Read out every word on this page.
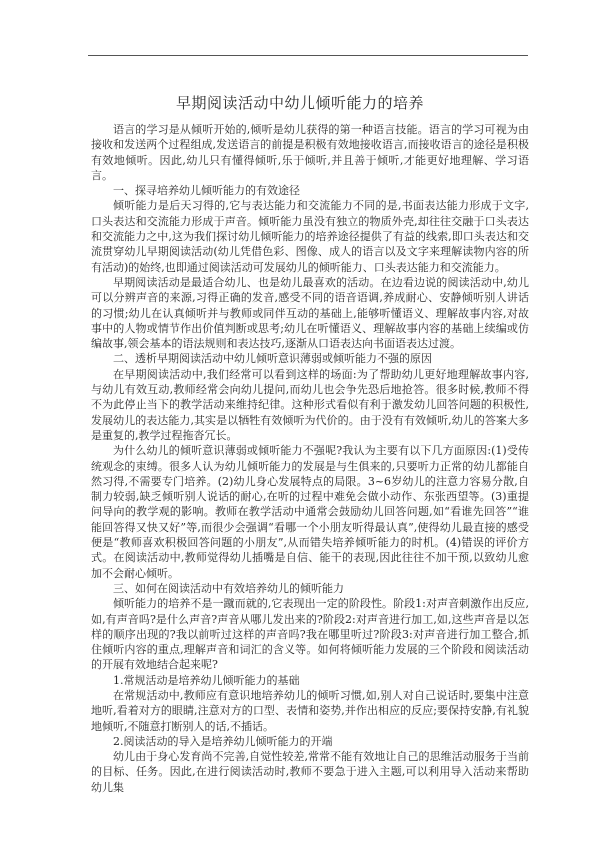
早期阅读活动中幼儿倾听能力的培养

语言的学习是从倾听开始的,倾听是幼儿获得的第一种语言技能。语言的学习可视为由接收和发送两个过程组成,发送语言的前提是积极有效地接收语言,而接收语言的途径是积极有效地倾听。因此,幼儿只有懂得倾听,乐于倾听,并且善于倾听,才能更好地理解、学习语言。

一、探寻培养幼儿倾听能力的有效途径

倾听能力是后天习得的,它与表达能力和交流能力不同的是,书面表达能力形成于文字,口头表达和交流能力形成于声音。倾听能力虽没有独立的物质外壳,却往往交融于口头表达和交流能力之中,这为我们探讨幼儿倾听能力的培养途径提供了有益的线索,即口头表达和交流贯穿幼儿早期阅读活动(幼儿凭借色彩、图像、成人的语言以及文字来理解读物内容的所有活动)的始终,也即通过阅读活动可发展幼儿的倾听能力、口头表达能力和交流能力。

早期阅读活动是最适合幼儿、也是幼儿最喜欢的活动。在边看边说的阅读活动中,幼儿可以分辨声音的来源,习得正确的发音,感受不同的语音语调,养成耐心、安静倾听别人讲话的习惯;幼儿在认真倾听并与教师或同伴互动的基础上,能够听懂语义、理解故事内容,对故事中的人物或情节作出价值判断或思考;幼儿在听懂语义、理解故事内容的基础上续编或仿编故事,领会基本的语法规则和表达技巧,逐渐从口语表达向书面语表达过渡。

二、透析早期阅读活动中幼儿倾听意识薄弱或倾听能力不强的原因

在早期阅读活动中,我们经常可以看到这样的场面:为了帮助幼儿更好地理解故事内容,与幼儿有效互动,教师经常会向幼儿提问,而幼儿也会争先恐后地抢答。很多时候,教师不得不为此停止当下的教学活动来维持纪律。这种形式看似有利于激发幼儿回答问题的积极性,发展幼儿的表达能力,其实是以牺牲有效倾听为代价的。由于没有有效倾听,幼儿的答案大多是重复的,教学过程拖沓冗长。

为什么幼儿的倾听意识薄弱或倾听能力不强呢?我认为主要有以下几方面原因:(1)受传统观念的束缚。很多人认为幼儿倾听能力的发展是与生俱来的,只要听力正常的幼儿都能自然习得,不需要专门培养。(2)幼儿身心发展特点的局限。3~6岁幼儿的注意力容易分散,自制力较弱,缺乏倾听别人说话的耐心,在听的过程中难免会做小动作、东张西望等。(3)重提问导向的教学观的影响。教师在教学活动中通常会鼓励幼儿回答问题,如“看谁先回答”“谁能回答得又快又好”等,而很少会强调“看哪一个小朋友听得最认真”,使得幼儿最直接的感受便是“教师喜欢积极回答问题的小朋友”,从而错失培养倾听能力的时机。(4)错误的评价方式。在阅读活动中,教师觉得幼儿插嘴是自信、能干的表现,因此往往不加干预,以致幼儿愈加不会耐心倾听。

三、如何在阅读活动中有效培养幼儿的倾听能力

倾听能力的培养不是一蹴而就的,它表现出一定的阶段性。阶段1:对声音刺激作出反应,如,有声音吗?是什么声音?声音从哪儿发出来的?阶段2:对声音进行加工,如,这些声音是以怎样的顺序出现的?我以前听过这样的声音吗?我在哪里听过?阶段3:对声音进行加工整合,抓住倾听内容的重点,理解声音和词汇的含义等。如何将倾听能力发展的三个阶段和阅读活动的开展有效地结合起来呢?

1.常规活动是培养幼儿倾听能力的基础

在常规活动中,教师应有意识地培养幼儿的倾听习惯,如,别人对自己说话时,要集中注意地听,看着对方的眼睛,注意对方的口型、表情和姿势,并作出相应的反应;要保持安静,有礼貌地倾听,不随意打断别人的话,不插话。

2.阅读活动的导入是培养幼儿倾听能力的开端

幼儿由于身心发育尚不完善,自觉性较差,常常不能有效地让自己的思维活动服务于当前的目标、任务。因此,在进行阅读活动时,教师不要急于进入主题,可以利用导入活动来帮助幼儿集
